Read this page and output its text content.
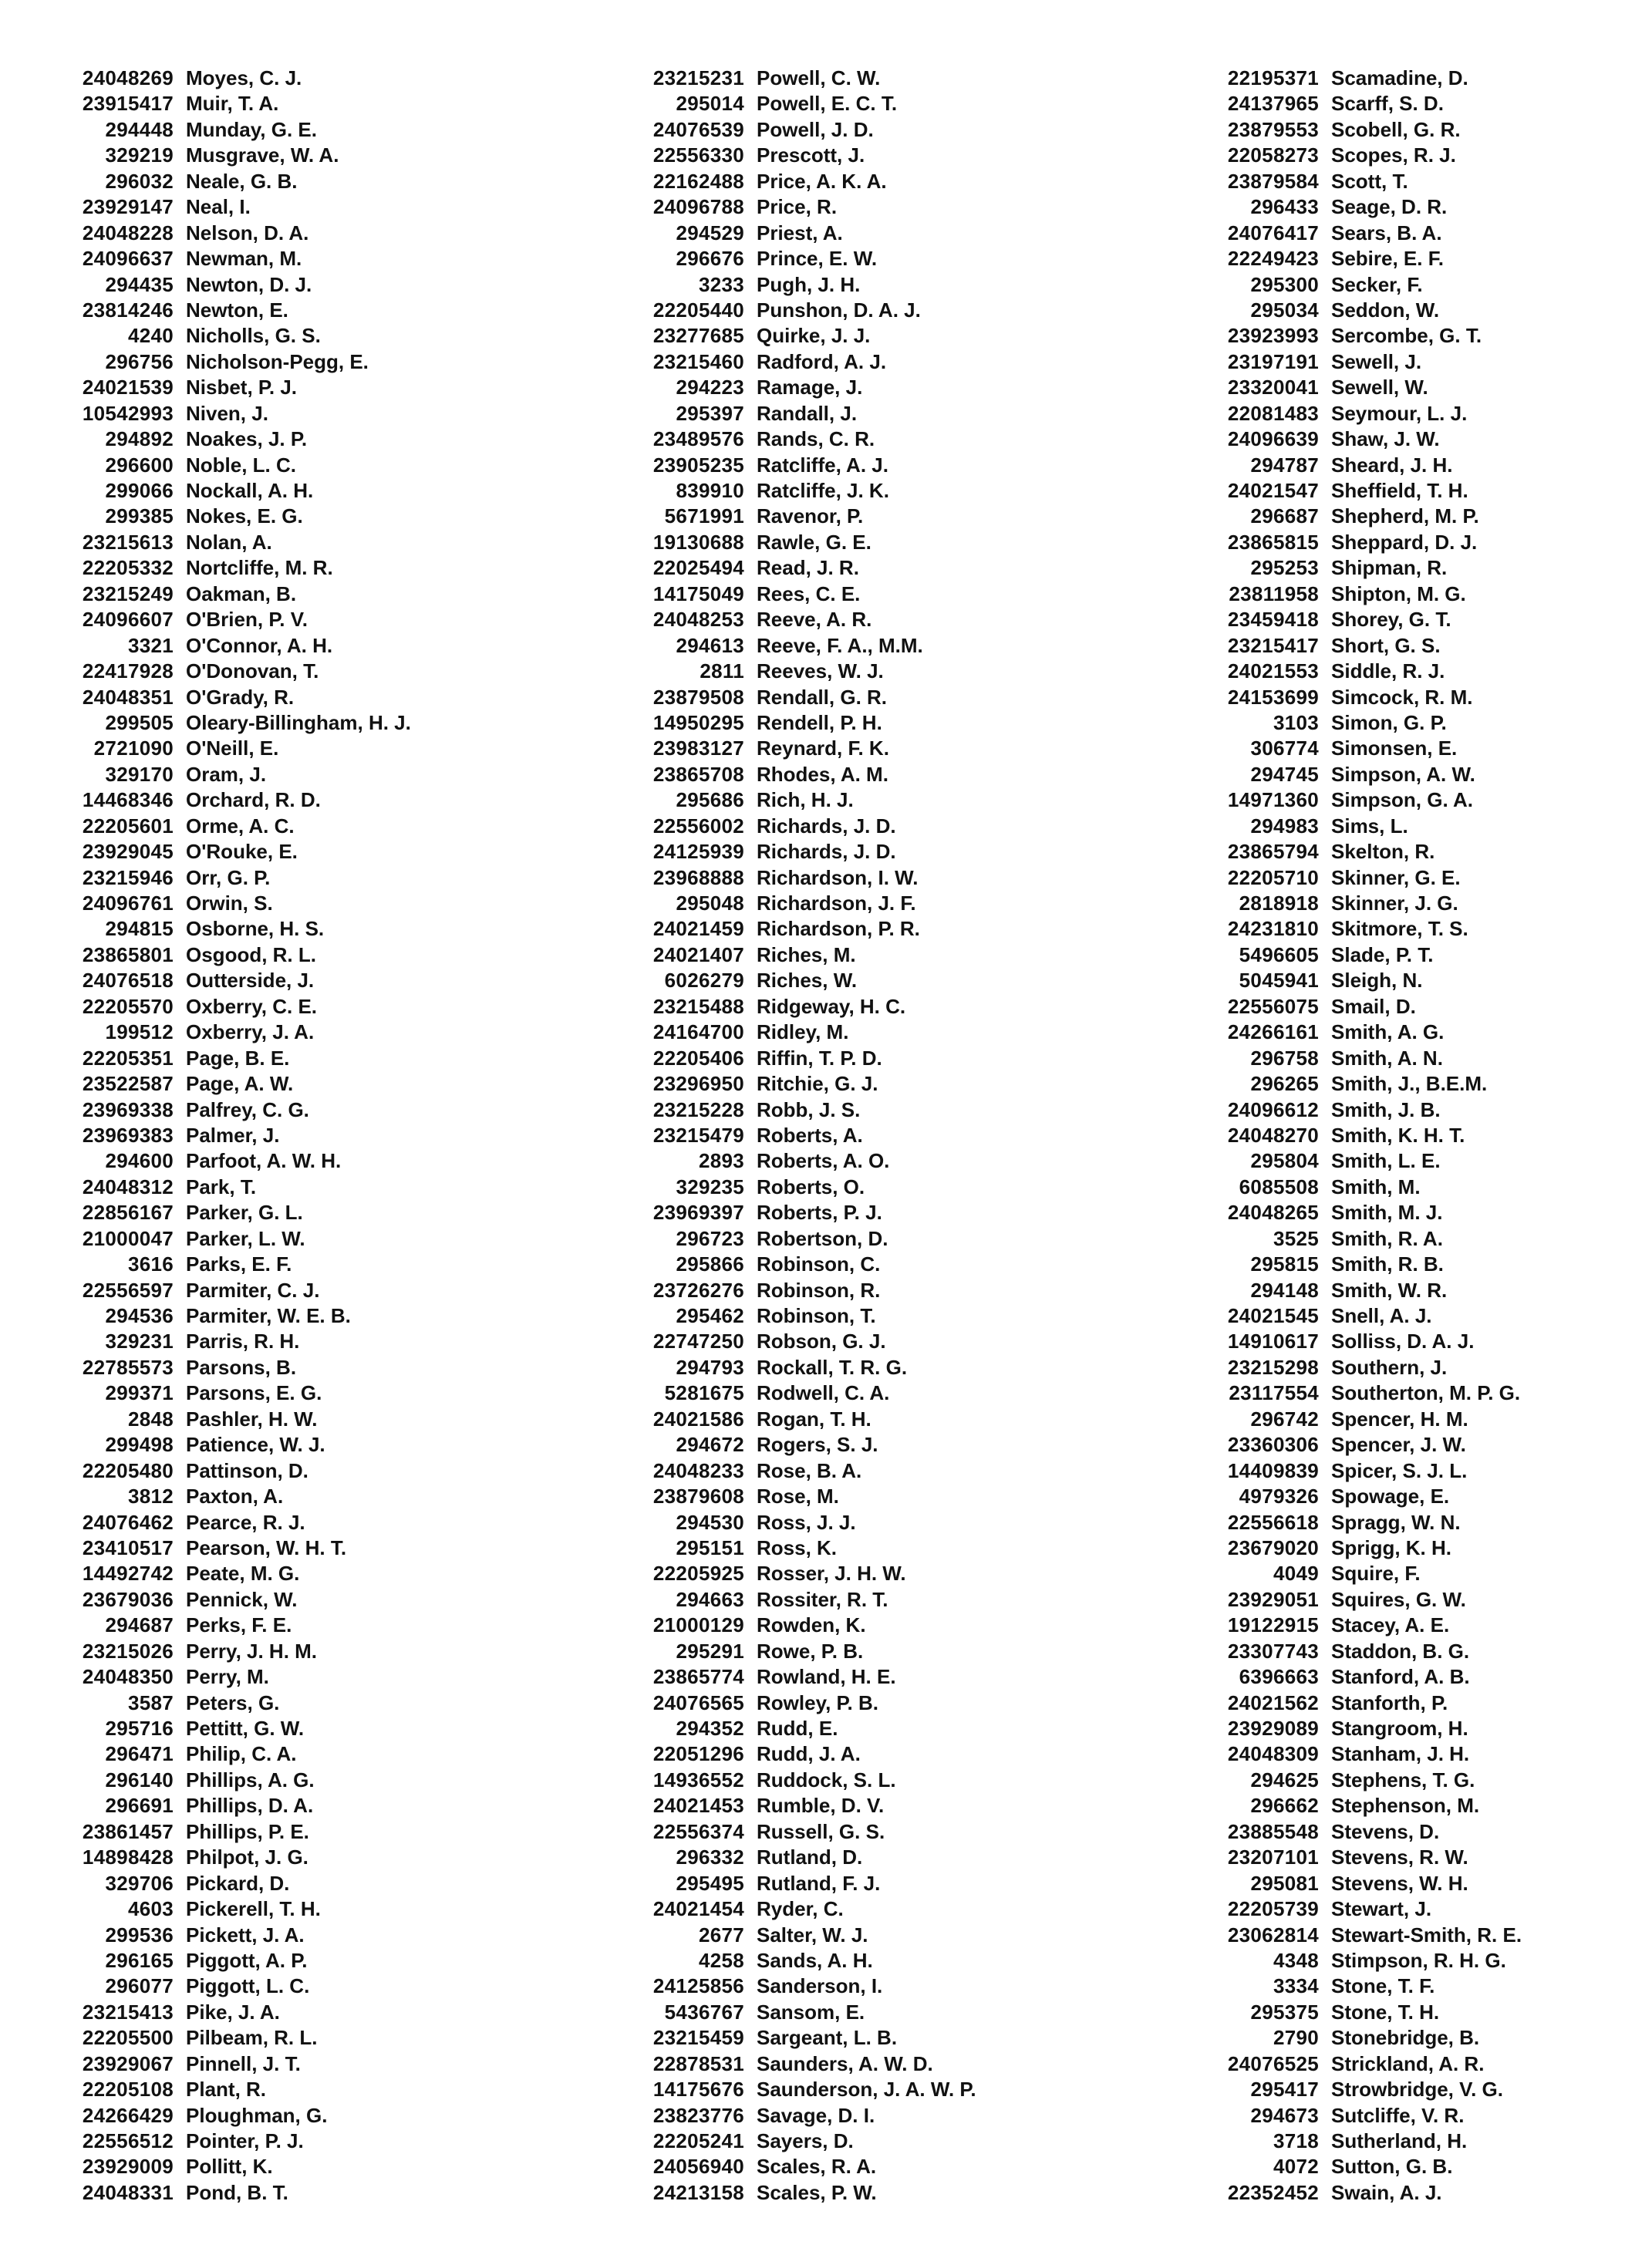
24048269 Moyes, C. J.
23915417 Muir, T. A.
294448 Munday, G. E.
329219 Musgrave, W. A.
296032 Neale, G. B.
23929147 Neal, I.
24048228 Nelson, D. A.
24096637 Newman, M.
294435 Newton, D. J.
23814246 Newton, E.
4240 Nicholls, G. S.
296756 Nicholson-Pegg, E.
24021539 Nisbet, P. J.
10542993 Niven, J.
294892 Noakes, J. P.
296600 Noble, L. C.
299066 Nockall, A. H.
299385 Nokes, E. G.
23215613 Nolan, A.
22205332 Nortcliffe, M. R.
23215249 Oakman, B.
24096607 O'Brien, P. V.
3321 O'Connor, A. H.
22417928 O'Donovan, T.
24048351 O'Grady, R.
299505 Oleary-Billingham, H. J.
2721090 O'Neill, E.
329170 Oram, J.
14468346 Orchard, R. D.
22205601 Orme, A. C.
23929045 O'Rouke, E.
23215946 Orr, G. P.
24096761 Orwin, S.
294815 Osborne, H. S.
23865801 Osgood, R. L.
24076518 Outterside, J.
22205570 Oxberry, C. E.
199512 Oxberry, J. A.
22205351 Page, B. E.
23522587 Page, A. W.
23969338 Palfrey, C. G.
23969383 Palmer, J.
294600 Parfoot, A. W. H.
24048312 Park, T.
22856167 Parker, G. L.
21000047 Parker, L. W.
3616 Parks, E. F.
22556597 Parmiter, C. J.
294536 Parmiter, W. E. B.
329231 Parris, R. H.
22785573 Parsons, B.
299371 Parsons, E. G.
2848 Pashler, H. W.
299498 Patience, W. J.
22205480 Pattinson, D.
3812 Paxton, A.
24076462 Pearce, R. J.
23410517 Pearson, W. H. T.
14492742 Peate, M. G.
23679036 Pennick, W.
294687 Perks, F. E.
23215026 Perry, J. H. M.
24048350 Perry, M.
3587 Peters, G.
295716 Pettitt, G. W.
296471 Philip, C. A.
296140 Phillips, A. G.
296691 Phillips, D. A.
23861457 Phillips, P. E.
14898428 Philpot, J. G.
329706 Pickard, D.
4603 Pickerell, T. H.
299536 Pickett, J. A.
296165 Piggott, A. P.
296077 Piggott, L. C.
23215413 Pike, J. A.
22205500 Pilbeam, R. L.
23929067 Pinnell, J. T.
22205108 Plant, R.
24266429 Ploughman, G.
22556512 Pointer, P. J.
23929009 Pollitt, K.
24048331 Pond, B. T.
23215231 Powell, C. W.
295014 Powell, E. C. T.
24076539 Powell, J. D.
22556330 Prescott, J.
22162488 Price, A. K. A.
24096788 Price, R.
294529 Priest, A.
296676 Prince, E. W.
3233 Pugh, J. H.
22205440 Punshon, D. A. J.
23277685 Quirke, J. J.
23215460 Radford, A. J.
294223 Ramage, J.
295397 Randall, J.
23489576 Rands, C. R.
23905235 Ratcliffe, A. J.
839910 Ratcliffe, J. K.
5671991 Ravenor, P.
19130688 Rawle, G. E.
22025494 Read, J. R.
14175049 Rees, C. E.
24048253 Reeve, A. R.
294613 Reeve, F. A., M.M.
2811 Reeves, W. J.
23879508 Rendall, G. R.
14950295 Rendell, P. H.
23983127 Reynard, F. K.
23865708 Rhodes, A. M.
295686 Rich, H. J.
22556002 Richards, J. D.
24125939 Richards, J. D.
23968888 Richardson, I. W.
295048 Richardson, J. F.
24021459 Richardson, P. R.
24021407 Riches, M.
6026279 Riches, W.
23215488 Ridgeway, H. C.
24164700 Ridley, M.
22205406 Riffin, T. P. D.
23296950 Ritchie, G. J.
23215228 Robb, J. S.
23215479 Roberts, A.
2893 Roberts, A. O.
329235 Roberts, O.
23969397 Roberts, P. J.
296723 Robertson, D.
295866 Robinson, C.
23726276 Robinson, R.
295462 Robinson, T.
22747250 Robson, G. J.
294793 Rockall, T. R. G.
5281675 Rodwell, C. A.
24021586 Rogan, T. H.
294672 Rogers, S. J.
24048233 Rose, B. A.
23879608 Rose, M.
294530 Ross, J. J.
295151 Ross, K.
22205925 Rosser, J. H. W.
294663 Rossiter, R. T.
21000129 Rowden, K.
295291 Rowe, P. B.
23865774 Rowland, H. E.
24076565 Rowley, P. B.
294352 Rudd, E.
22051296 Rudd, J. A.
14936552 Ruddock, S. L.
24021453 Rumble, D. V.
22556374 Russell, G. S.
296332 Rutland, D.
295495 Rutland, F. J.
24021454 Ryder, C.
2677 Salter, W. J.
4258 Sands, A. H.
24125856 Sanderson, I.
5436767 Sansom, E.
23215459 Sargeant, L. B.
22878531 Saunders, A. W. D.
14175676 Saunderson, J. A. W. P.
23823776 Savage, D. I.
22205241 Sayers, D.
24056940 Scales, R. A.
24213158 Scales, P. W.
22195371 Scamadine, D.
24137965 Scarff, S. D.
23879553 Scobell, G. R.
22058273 Scopes, R. J.
23879584 Scott, T.
296433 Seage, D. R.
24076417 Sears, B. A.
22249423 Sebire, E. F.
295300 Secker, F.
295034 Seddon, W.
23923993 Sercombe, G. T.
23197191 Sewell, J.
23320041 Sewell, W.
22081483 Seymour, L. J.
24096639 Shaw, J. W.
294787 Sheard, J. H.
24021547 Sheffield, T. H.
296687 Shepherd, M. P.
23865815 Sheppard, D. J.
295253 Shipman, R.
23811958 Shipton, M. G.
23459418 Shorey, G. T.
23215417 Short, G. S.
24021553 Siddle, R. J.
24153699 Simcock, R. M.
3103 Simon, G. P.
306774 Simonsen, E.
294745 Simpson, A. W.
14971360 Simpson, G. A.
294983 Sims, L.
23865794 Skelton, R.
22205710 Skinner, G. E.
2818918 Skinner, J. G.
24231810 Skitmore, T. S.
5496605 Slade, P. T.
5045941 Sleigh, N.
22556075 Smail, D.
24266161 Smith, A. G.
296758 Smith, A. N.
296265 Smith, J., B.E.M.
24096612 Smith, J. B.
24048270 Smith, K. H. T.
295804 Smith, L. E.
6085508 Smith, M.
24048265 Smith, M. J.
3525 Smith, R. A.
295815 Smith, R. B.
294148 Smith, W. R.
24021545 Snell, A. J.
14910617 Solliss, D. A. J.
23215298 Southern, J.
23117554 Southerton, M. P. G.
296742 Spencer, H. M.
23360306 Spencer, J. W.
14409839 Spicer, S. J. L.
4979326 Spowage, E.
22556618 Spragg, W. N.
23679020 Sprigg, K. H.
4049 Squire, F.
23929051 Squires, G. W.
19122915 Stacey, A. E.
23307743 Staddon, B. G.
6396663 Stanford, A. B.
24021562 Stanforth, P.
23929089 Stangroom, H.
24048309 Stanham, J. H.
294625 Stephens, T. G.
296662 Stephenson, M.
23885548 Stevens, D.
23207101 Stevens, R. W.
295081 Stevens, W. H.
22205739 Stewart, J.
23062814 Stewart-Smith, R. E.
4348 Stimpson, R. H. G.
3334 Stone, T. F.
295375 Stone, T. H.
2790 Stonebridge, B.
24076525 Strickland, A. R.
295417 Strowbridge, V. G.
294673 Sutcliffe, V. R.
3718 Sutherland, H.
4072 Sutton, G. B.
22352452 Swain, A. J.
